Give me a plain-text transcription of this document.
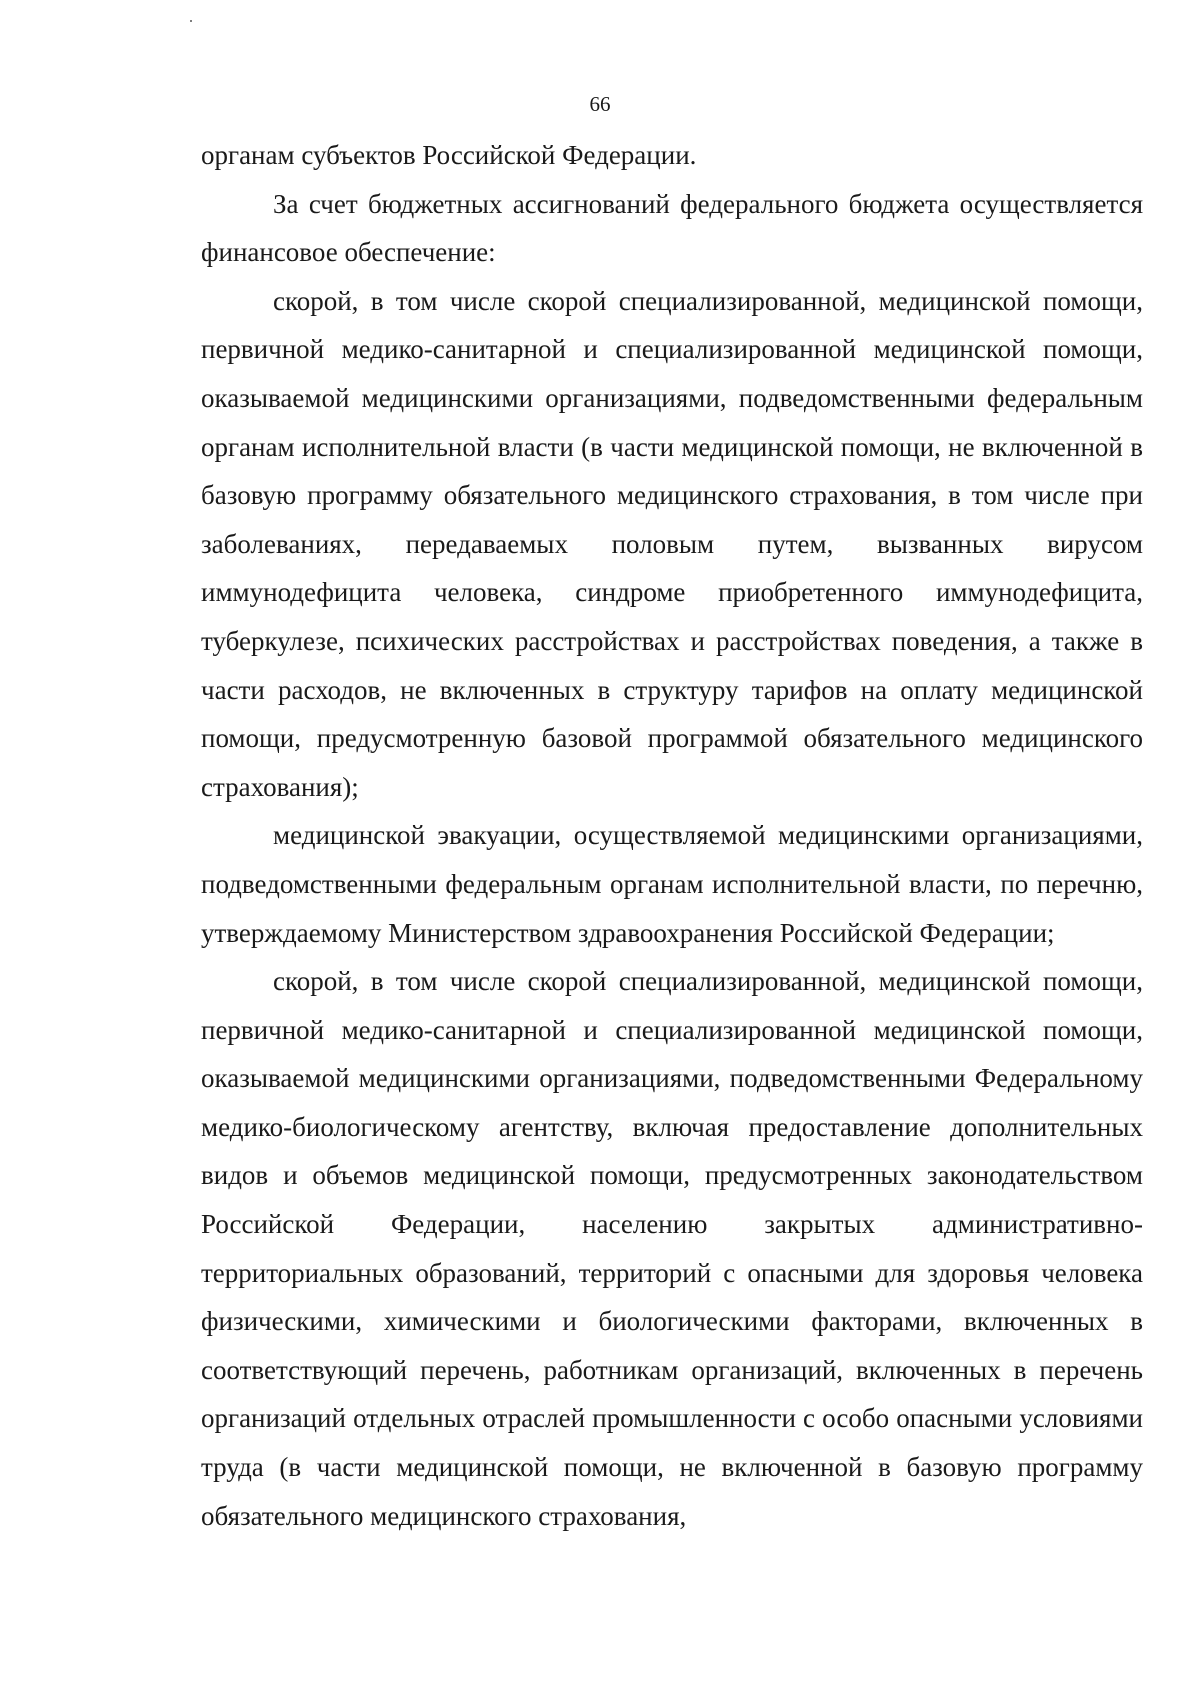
66

органам субъектов Российской Федерации.

За счет бюджетных ассигнований федерального бюджета осуществляется финансовое обеспечение:

скорой, в том числе скорой специализированной, медицинской помощи, первичной медико-санитарной и специализированной медицинской помощи, оказываемой медицинскими организациями, подведомственными федеральным органам исполнительной власти (в части медицинской помощи, не включенной в базовую программу обязательного медицинского страхования, в том числе при заболеваниях, передаваемых половым путем, вызванных вирусом иммунодефицита человека, синдроме приобретенного иммунодефицита, туберкулезе, психических расстройствах и расстройствах поведения, а также в части расходов, не включенных в структуру тарифов на оплату медицинской помощи, предусмотренную базовой программой обязательного медицинского страхования);

медицинской эвакуации, осуществляемой медицинскими организациями, подведомственными федеральным органам исполнительной власти, по перечню, утверждаемому Министерством здравоохранения Российской Федерации;

скорой, в том числе скорой специализированной, медицинской помощи, первичной медико-санитарной и специализированной медицинской помощи, оказываемой медицинскими организациями, подведомственными Федеральному медико-биологическому агентству, включая предоставление дополнительных видов и объемов медицинской помощи, предусмотренных законодательством Российской Федерации, населению закрытых административно-территориальных образований, территорий с опасными для здоровья человека физическими, химическими и биологическими факторами, включенных в соответствующий перечень, работникам организаций, включенных в перечень организаций отдельных отраслей промышленности с особо опасными условиями труда (в части медицинской помощи, не включенной в базовую программу обязательного медицинского страхования,
